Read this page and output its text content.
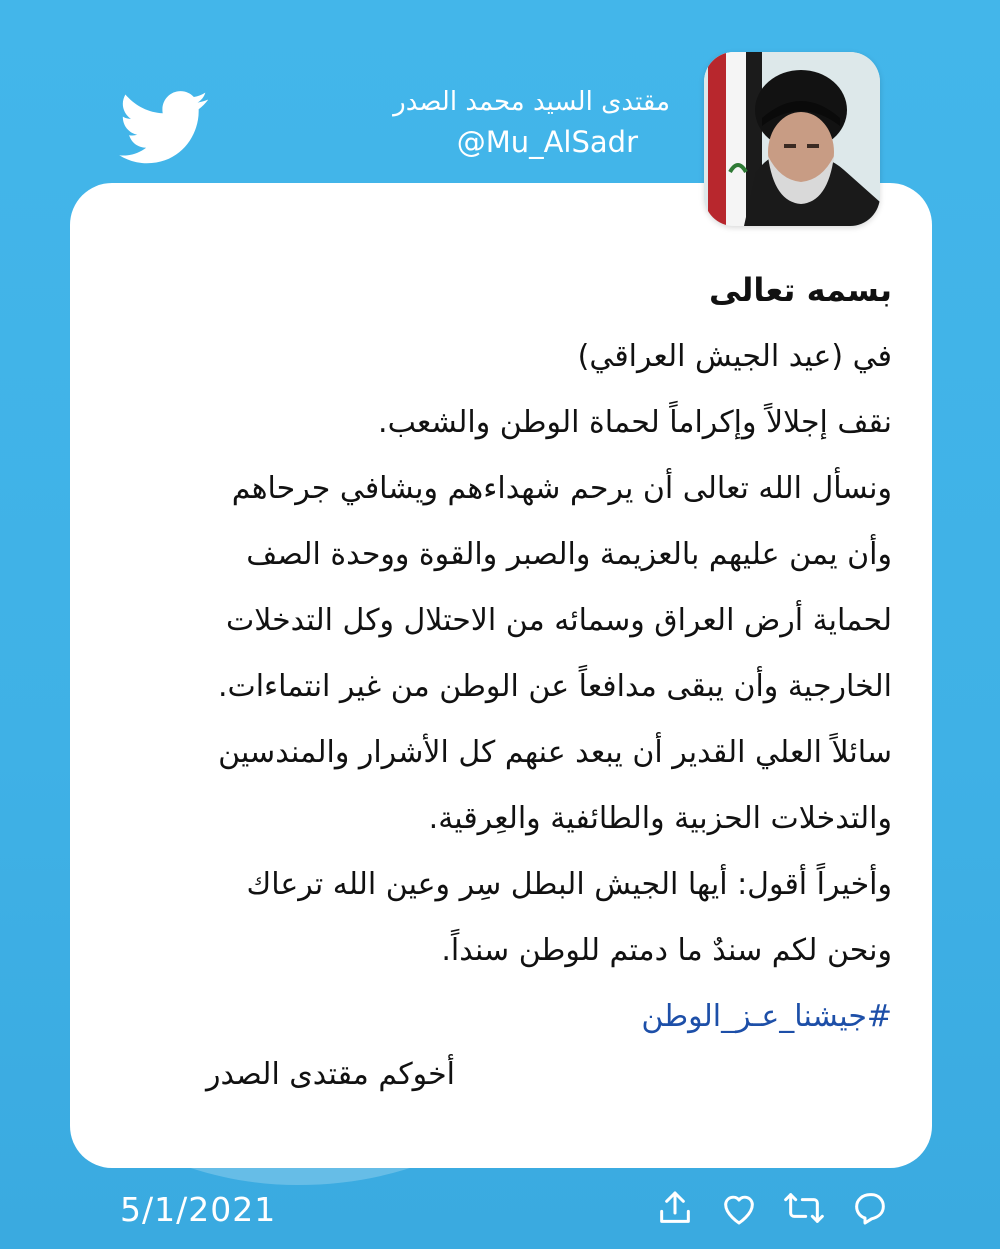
مقتدى السيد محمد الصدر
@Mu_AlSadr
بسمه تعالى
في (عيد الجيش العراقي)
نقف إجلالاً وإكراماً لحماة الوطن والشعب.
ونسأل الله تعالى أن يرحم شهداءهم ويشافي جرحاهم
وأن يمن عليهم بالعزيمة والصبر والقوة ووحدة الصف
لحماية أرض العراق وسمائه من الاحتلال وكل التدخلات
الخارجية وأن يبقى مدافعاً عن الوطن من غير انتماءات.
سائلاً العلي القدير أن يبعد عنهم كل الأشرار والمندسين
والتدخلات الحزبية والطائفية والعِرقية.
وأخيراً أقول: أيها الجيش البطل سِر وعين الله ترعاك
ونحن لكم سندٌ ما دمتم للوطن سنداً.
#جيشنا_عـز_الوطن
أخوكم مقتدى الصدر
5/1/2021
